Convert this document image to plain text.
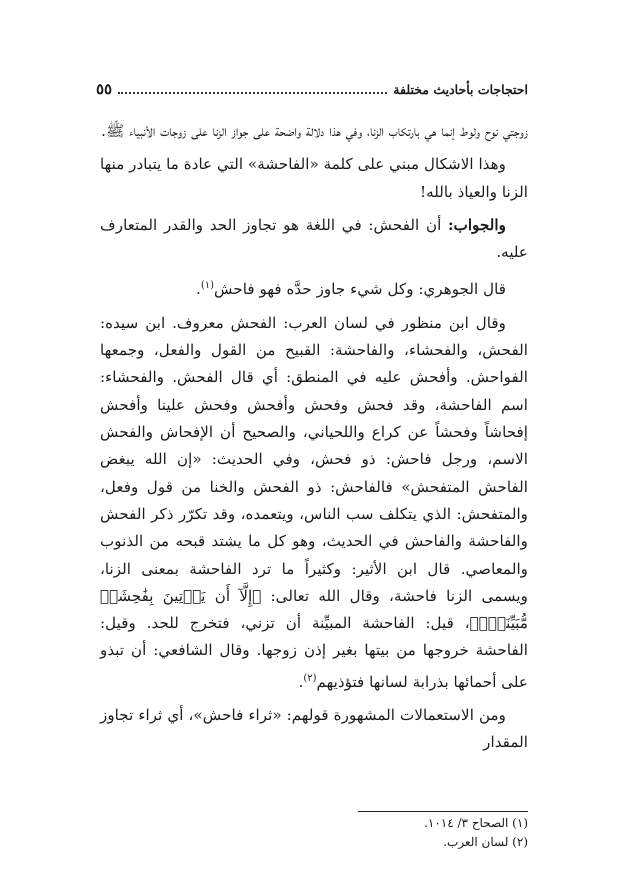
احتجاجات بأحاديث مختلفة
٥٥

زوجتي نوح ولوط إنما هي بارتكاب الزنا، وفي هذا دلالة واضحة على جواز الزنا على زوجات الأنبياء ﷺ.

وهذا الاشكال مبني على كلمة «الفاحشة» التي عادة ما يتبادر منها الزنا والعياذ بالله!

والجواب: أن الفحش: في اللغة هو تجاوز الحد والقدر المتعارف عليه.

قال الجوهري: وكل شيء جاوز حدَّه فهو فاحش$^{(١)}$.

وقال ابن منظور في لسان العرب: الفحش معروف. ابن سيده: الفحش، والفحشاء، والفاحشة: القبيح من القول والفعل، وجمعها الفواحش. وأفحش عليه في المنطق: أي قال الفحش. والفحشاء: اسم الفاحشة، وقد فحش وفحش وأفحش وفحش علينا وأفحش إفحاشاً وفحشاً عن كراع واللحياني، والصحيح أن الإفحاش والفحش الاسم، ورجل فاحش: ذو فحش، وفي الحديث: «إن الله يبغض الفاحش المتفحش» فالفاحش: ذو الفحش والخنا من قول وفعل، والمتفحش: الذي يتكلف سب الناس، ويتعمده، وقد تكرّر ذكر الفحش والفاحشة والفاحش في الحديث، وهو كل ما يشتد قبحه من الذنوب والمعاصي. قال ابن الأثير: وكثيراً ما ترد الفاحشة بمعنى الزنا، ويسمى الزنا فاحشة، وقال الله تعالى: ﴿إِلَّآ أَن يَأۡتِينَ بِفَٰحِشَةٖ مُّبَيِّنَةٖۚ﴾، قيل: الفاحشة المبيِّنة أن تزني، فتخرج للحد. وقيل: الفاحشة خروجها من بيتها بغير إذن زوجها. وقال الشافعي: أن تبذو على أحمائها بذرابة لسانها فتؤذيهم$^{(٢)}$.

ومن الاستعمالات المشهورة قولهم: «ثراء فاحش»، أي ثراء تجاوز المقدار

(١) الصحاح ٣/ ١٠١٤.
(٢) لسان العرب.
